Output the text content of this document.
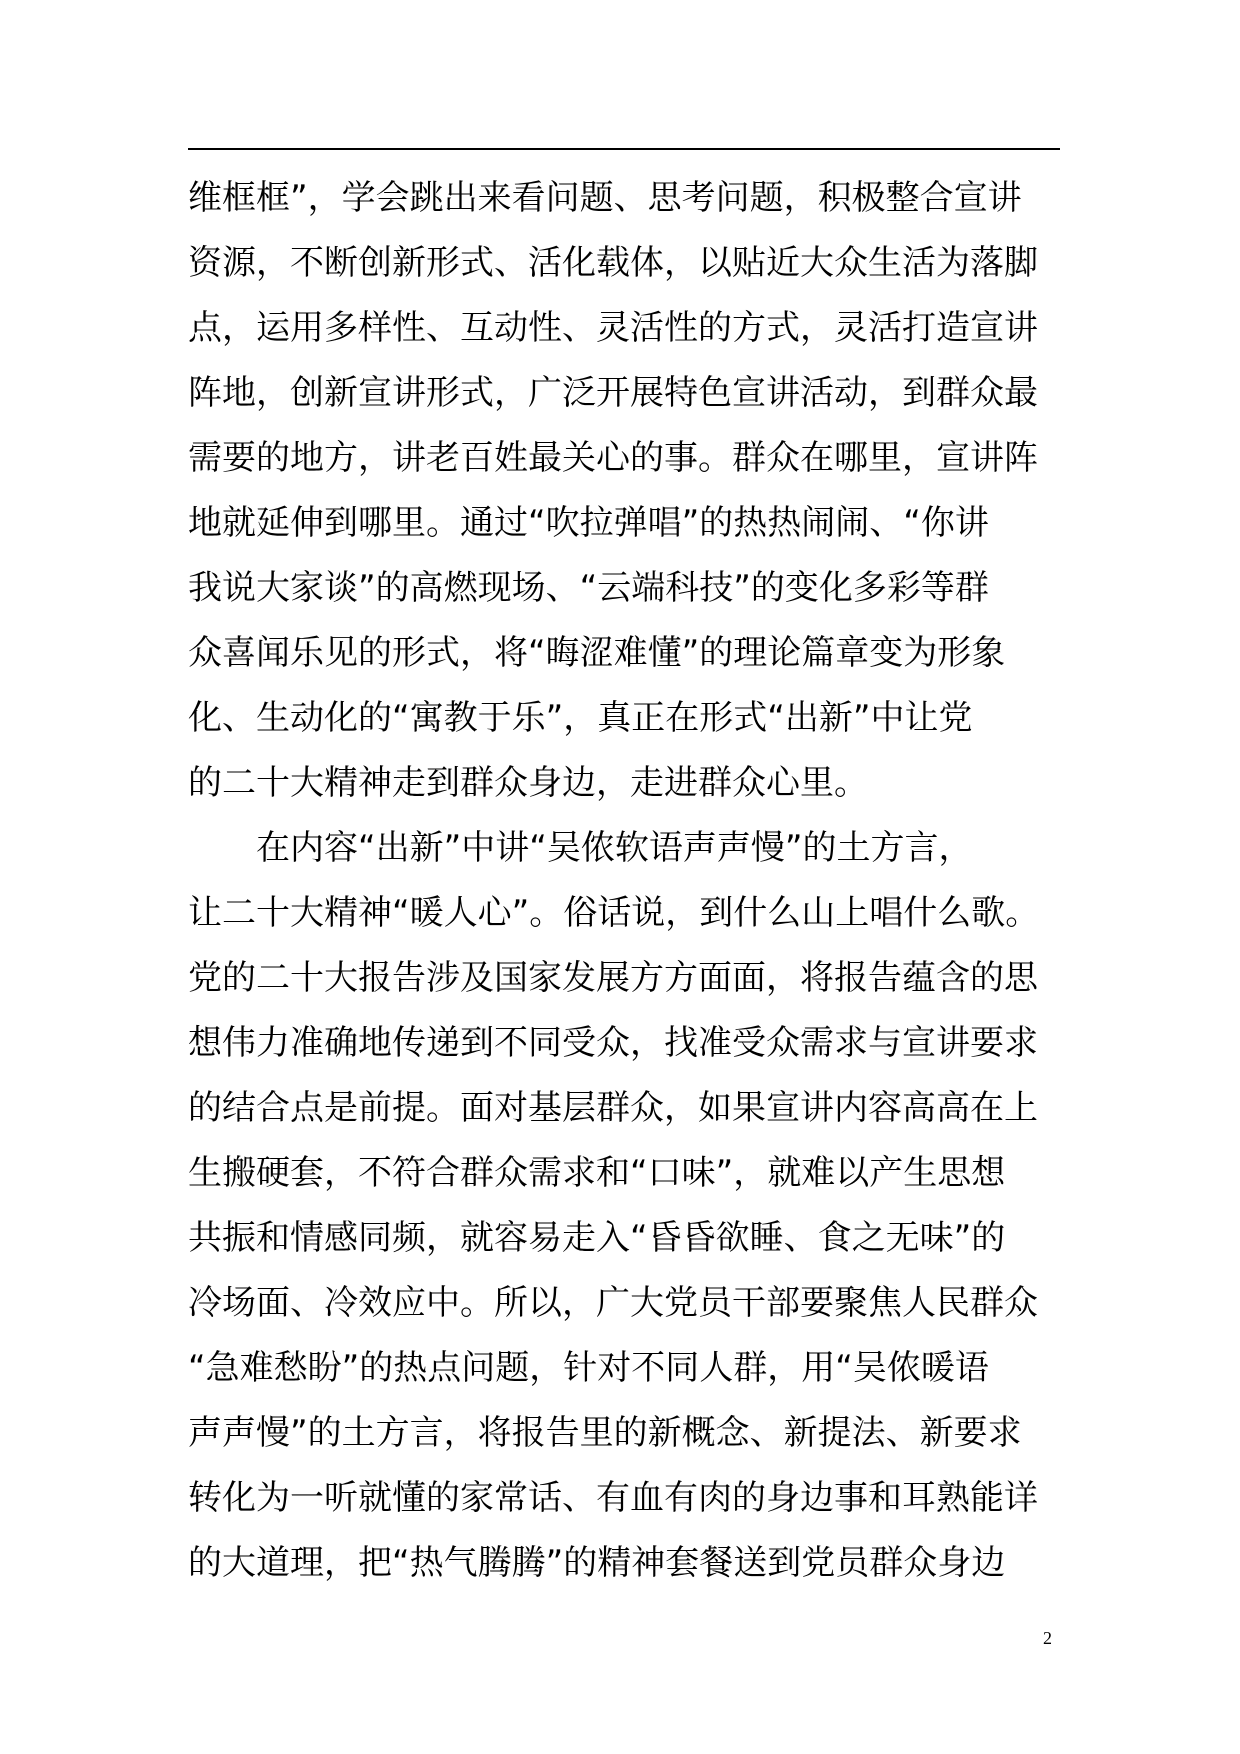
维框框”，学会跳出来看问题、思考问题，积极整合宣讲
资源，不断创新形式、活化载体，以贴近大众生活为落脚
点，运用多样性、互动性、灵活性的方式，灵活打造宣讲
阵地，创新宣讲形式，广泛开展特色宣讲活动，到群众最
需要的地方，讲老百姓最关心的事。群众在哪里，宣讲阵
地就延伸到哪里。通过“吹拉弹唱”的热热闹闹、“你讲
我说大家谈”的高燃现场、“云端科技”的变化多彩等群
众喜闻乐见的形式，将“晦涩难懂”的理论篇章变为形象
化、生动化的“寓教于乐”，真正在形式“出新”中让党
的二十大精神走到群众身边，走进群众心里。
　　在内容“出新”中讲“吴侬软语声声慢”的土方言，
让二十大精神“暖人心”。俗话说，到什么山上唱什么歌。
党的二十大报告涉及国家发展方方面面，将报告蕴含的思
想伟力准确地传递到不同受众，找准受众需求与宣讲要求
的结合点是前提。面对基层群众，如果宣讲内容高高在上
生搬硬套，不符合群众需求和“口味”，就难以产生思想
共振和情感同频，就容易走入“昏昏欲睡、食之无味”的
冷场面、冷效应中。所以，广大党员干部要聚焦人民群众
“急难愁盼”的热点问题，针对不同人群，用“吴侬暖语
声声慢”的土方言，将报告里的新概念、新提法、新要求
转化为一听就懂的家常话、有血有肉的身边事和耳熟能详
的大道理，把“热气腾腾”的精神套餐送到党员群众身边
2
